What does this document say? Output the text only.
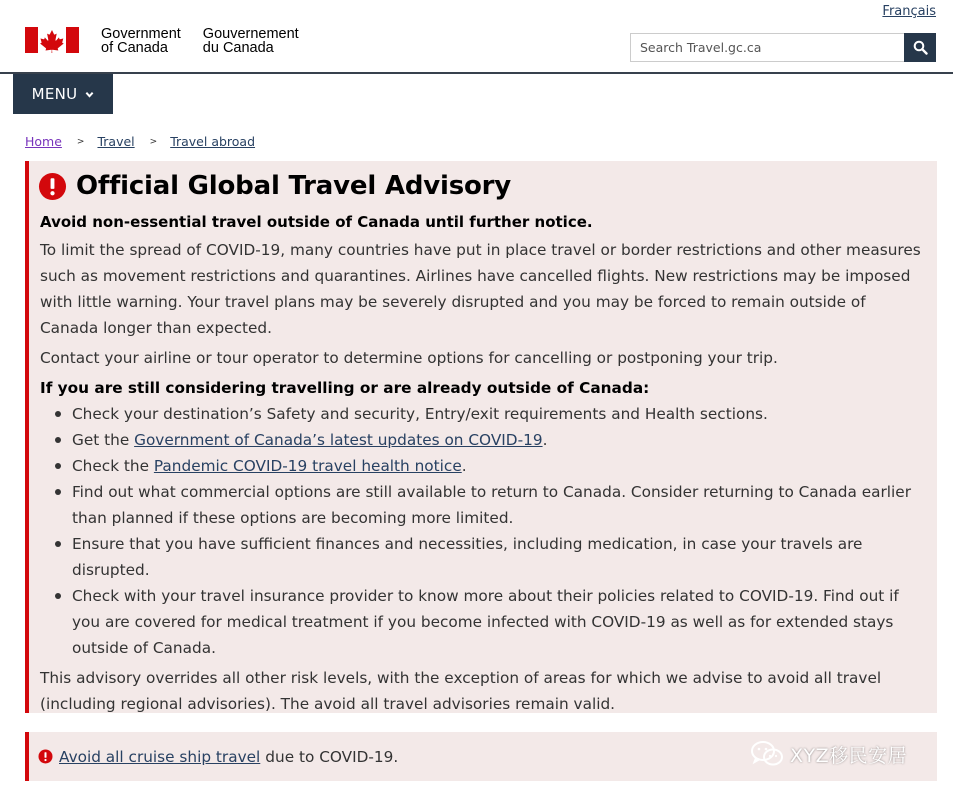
Français
Government
of Canada
Gouvernement
du Canada
Search Travel.gc.ca
MENU
Home > Travel > Travel abroad
Official Global Travel Advisory

Avoid non-essential travel outside of Canada until further notice.

To limit the spread of COVID-19, many countries have put in place travel or border restrictions and other measures such as movement restrictions and quarantines. Airlines have cancelled flights. New restrictions may be imposed with little warning. Your travel plans may be severely disrupted and you may be forced to remain outside of Canada longer than expected.

Contact your airline or tour operator to determine options for cancelling or postponing your trip.

If you are still considering travelling or are already outside of Canada:

Check your destination’s Safety and security, Entry/exit requirements and Health sections.
Get the Government of Canada’s latest updates on COVID-19.
Check the Pandemic COVID-19 travel health notice.
Find out what commercial options are still available to return to Canada. Consider returning to Canada earlier than planned if these options are becoming more limited.
Ensure that you have sufficient finances and necessities, including medication, in case your travels are disrupted.
Check with your travel insurance provider to know more about their policies related to COVID-19. Find out if you are covered for medical treatment if you become infected with COVID-19 as well as for extended stays outside of Canada.

This advisory overrides all other risk levels, with the exception of areas for which we advise to avoid all travel (including regional advisories). The avoid all travel advisories remain valid.

Avoid all cruise ship travel due to COVID-19.	XYZ移民安居
